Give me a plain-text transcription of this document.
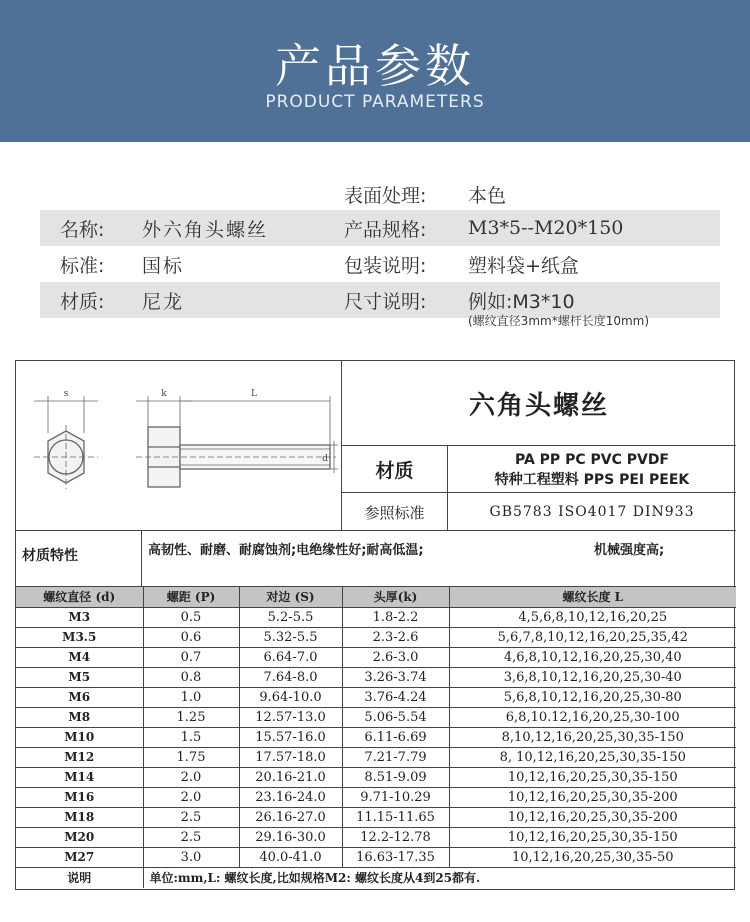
产品参数
PRODUCT PARAMETERS
表面处理: 本色
名称: 外六角头螺丝	产品规格: M3*5--M20*150
标准: 国标	包装说明: 塑料袋+纸盒
材质: 尼龙	尺寸说明: 例如:M3*10
(螺纹直径3mm*螺杆长度10mm)
s	k	L
d
六角头螺丝
材质	PA PP PC PVC PVDF
特种工程塑料 PPS PEI PEEK
参照标准	GB5783 ISO4017 DIN933
材质特性	高韧性、耐磨、耐腐蚀剂;电绝缘性好;耐高低温;	机械强度高;
螺纹直径 (d)	螺距 (P)	对边 (S)	头厚(k)	螺纹长度 L
M3	0.5	5.2-5.5	1.8-2.2	4,5,6,8,10,12,16,20,25
M3.5	0.6	5.32-5.5	2.3-2.6	5,6,7,8,10,12,16,20,25,35,42
M4	0.7	6.64-7.0	2.6-3.0	4,6,8,10,12,16,20,25,30,40
M5	0.8	7.64-8.0	3.26-3.74	3,6,8,10,12,16,20,25,30-40
M6	1.0	9.64-10.0	3.76-4.24	5,6,8,10,12,16,20,25,30-80
M8	1.25	12.57-13.0	5.06-5.54	6,8,10.12,16,20,25,30-100
M10	1.5	15.57-16.0	6.11-6.69	8,10,12,16,20,25,30,35-150
M12	1.75	17.57-18.0	7.21-7.79	8, 10,12,16,20,25,30,35-150
M14	2.0	20.16-21.0	8.51-9.09	10,12,16,20,25,30,35-150
M16	2.0	23.16-24.0	9.71-10.29	10,12,16,20,25,30,35-200
M18	2.5	26.16-27.0	11.15-11.65	10,12,16,20,25,30,35-200
M20	2.5	29.16-30.0	12.2-12.78	10,12,16,20,25,30,35-150
M27	3.0	40.0-41.0	16.63-17.35	10,12,16,20,25,30,35-50
说明	单位:mm,L: 螺纹长度,比如规格M2: 螺纹长度从4到25都有.			
